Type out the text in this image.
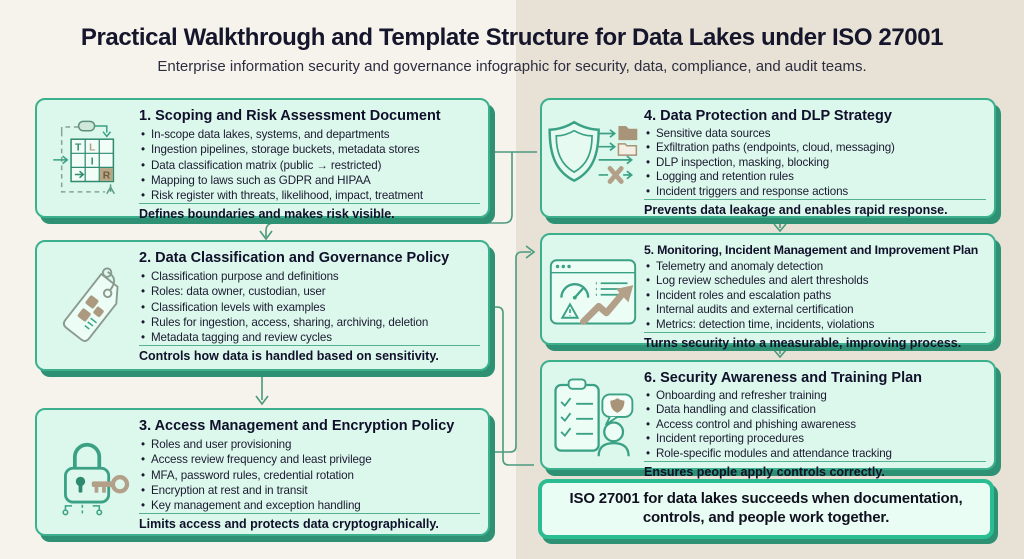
Practical Walkthrough and Template Structure for Data Lakes under ISO 27001

Enterprise information security and governance infographic for security, data, compliance, and audit teams.

T L
I
R
1. Scoping and Risk Assessment Document
• In-scope data lakes, systems, and departments
• Ingestion pipelines, storage buckets, metadata stores
• Data classification matrix (public → restricted)
• Mapping to laws such as GDPR and HIPAA
• Risk register with threats, likelihood, impact, treatment
Defines boundaries and makes risk visible.
2. Data Classification and Governance Policy
• Classification purpose and definitions
• Roles: data owner, custodian, user
• Classification levels with examples
• Rules for ingestion, access, sharing, archiving, deletion
• Metadata tagging and review cycles
Controls how data is handled based on sensitivity.
3. Access Management and Encryption Policy
• Roles and user provisioning
• Access review frequency and least privilege
• MFA, password rules, credential rotation
• Encryption at rest and in transit
• Key management and exception handling
Limits access and protects data cryptographically.
4. Data Protection and DLP Strategy
• Sensitive data sources
• Exfiltration paths (endpoints, cloud, messaging)
• DLP inspection, masking, blocking
• Logging and retention rules
• Incident triggers and response actions
Prevents data leakage and enables rapid response.
5. Monitoring, Incident Management and Improvement Plan
• Telemetry and anomaly detection
• Log review schedules and alert thresholds
• Incident roles and escalation paths
• Internal audits and external certification
• Metrics: detection time, incidents, violations
Turns security into a measurable, improving process.
6. Security Awareness and Training Plan
• Onboarding and refresher training
• Data handling and classification
• Access control and phishing awareness
• Incident reporting procedures
• Role-specific modules and attendance tracking
Ensures people apply controls correctly.

ISO 27001 for data lakes succeeds when documentation, controls, and people work together.
